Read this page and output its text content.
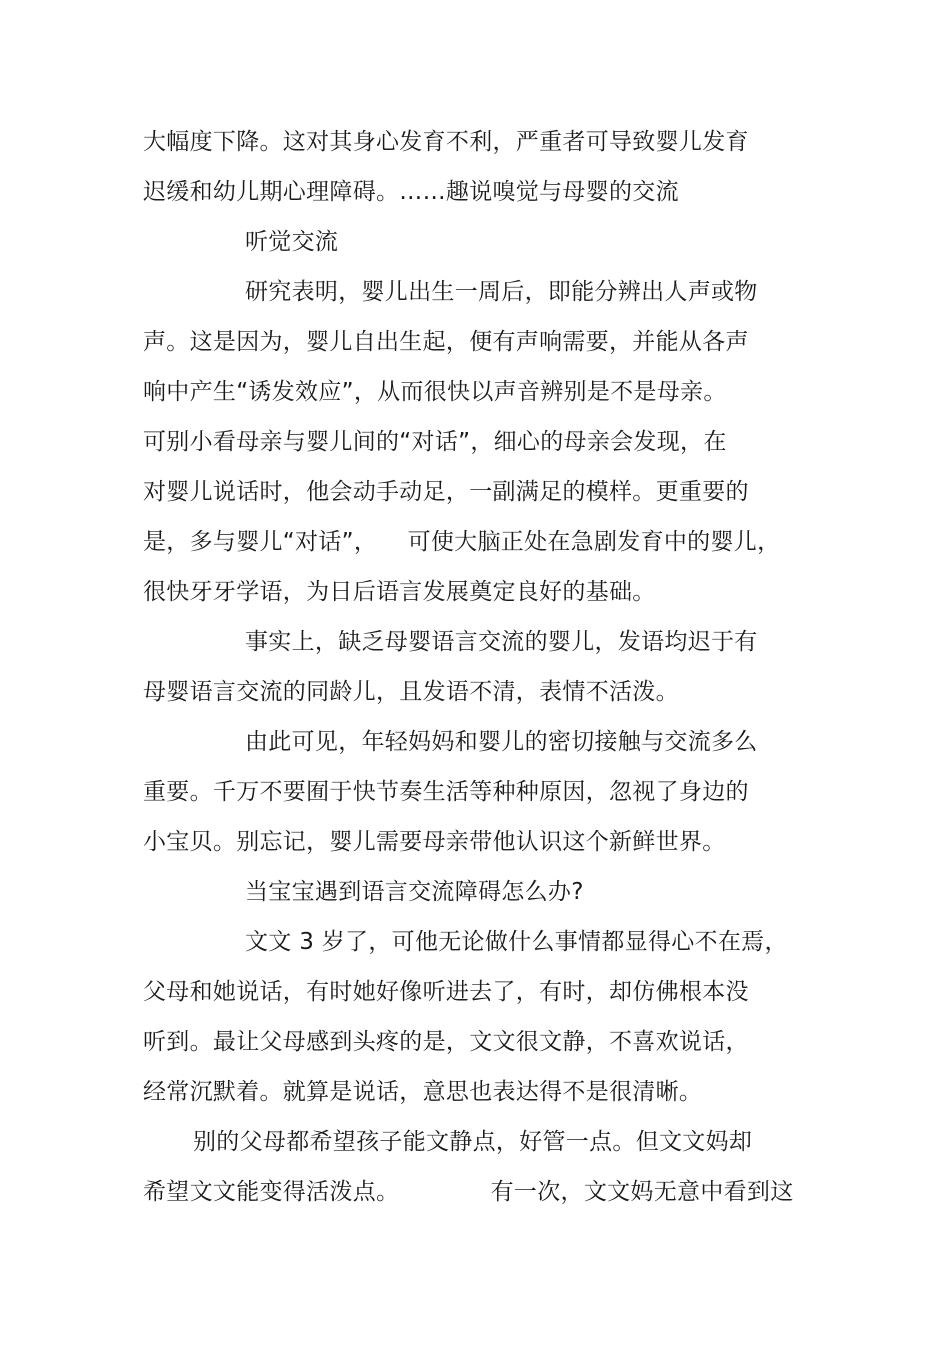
大幅度下降。这对其身心发育不利，严重者可导致婴儿发育
迟缓和幼儿期心理障碍。……趣说嗅觉与母婴的交流
听觉交流
研究表明，婴儿出生一周后，即能分辨出人声或物
声。这是因为，婴儿自出生起，便有声响需要，并能从各声
响中产生“诱发效应”，从而很快以声音辨别是不是母亲。
可别小看母亲与婴儿间的“对话”，细心的母亲会发现，在
对婴儿说话时，他会动手动足，一副满足的模样。更重要的
是，多与婴儿“对话”，    可使大脑正处在急剧发育中的婴儿，
很快牙牙学语，为日后语言发展奠定良好的基础。
事实上，缺乏母婴语言交流的婴儿，发语均迟于有
母婴语言交流的同龄儿，且发语不清，表情不活泼。
由此可见，年轻妈妈和婴儿的密切接触与交流多么
重要。千万不要囿于快节奏生活等种种原因，忽视了身边的
小宝贝。别忘记，婴儿需要母亲带他认识这个新鲜世界。
当宝宝遇到语言交流障碍怎么办?
文文 3 岁了，可他无论做什么事情都显得心不在焉，
父母和她说话，有时她好像听进去了，有时，却仿佛根本没
听到。最让父母感到头疼的是，文文很文静，不喜欢说话，
经常沉默着。就算是说话，意思也表达得不是很清晰。
别的父母都希望孩子能文静点，好管一点。但文文妈却
希望文文能变得活泼点。            有一次，文文妈无意中看到这
